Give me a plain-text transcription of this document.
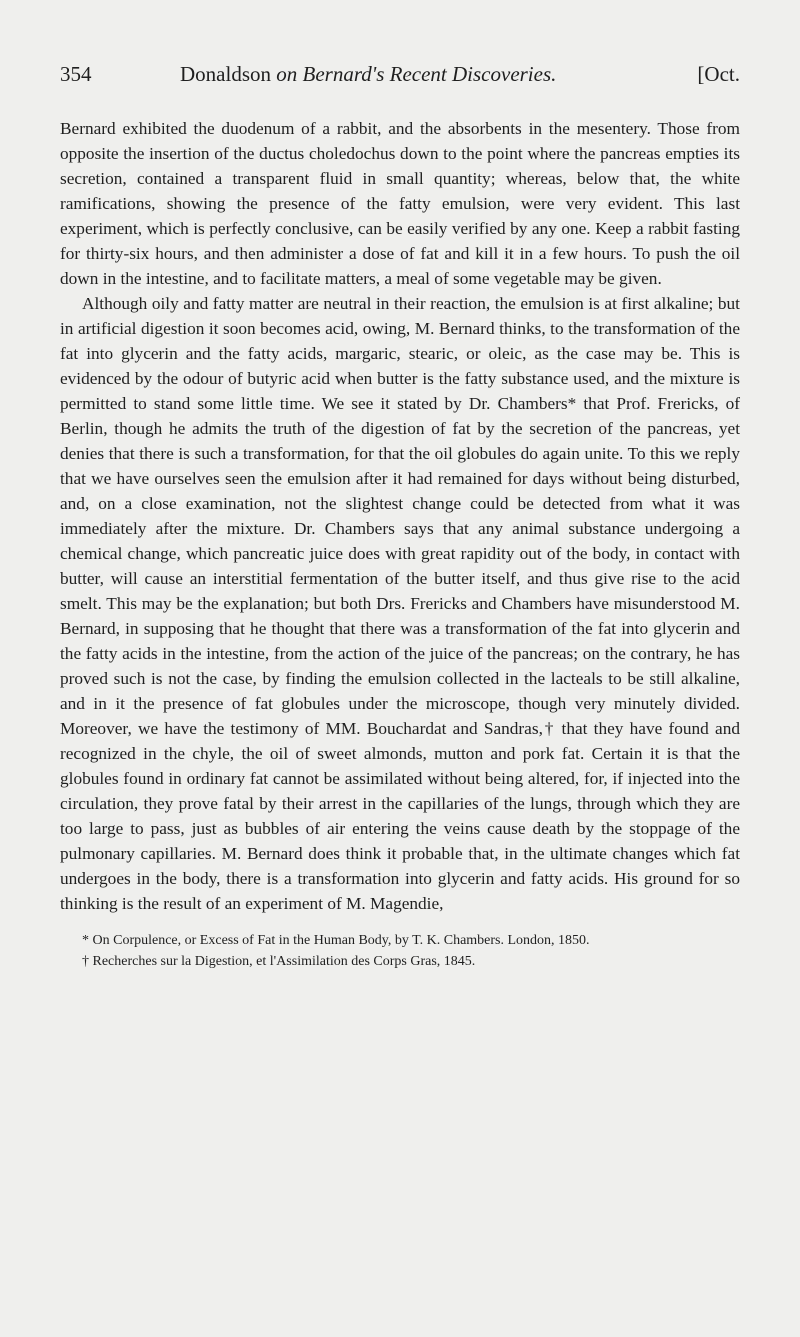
354	Donaldson on Bernard's Recent Discoveries.	[Oct.

Bernard exhibited the duodenum of a rabbit, and the absorbents in the mesentery. Those from opposite the insertion of the ductus choledochus down to the point where the pancreas empties its secretion, contained a transparent fluid in small quantity; whereas, below that, the white ramifications, showing the presence of the fatty emulsion, were very evident. This last experiment, which is perfectly conclusive, can be easily verified by any one. Keep a rabbit fasting for thirty-six hours, and then administer a dose of fat and kill it in a few hours. To push the oil down in the intestine, and to facilitate matters, a meal of some vegetable may be given.

Although oily and fatty matter are neutral in their reaction, the emulsion is at first alkaline; but in artificial digestion it soon becomes acid, owing, M. Bernard thinks, to the transformation of the fat into glycerin and the fatty acids, margaric, stearic, or oleic, as the case may be. This is evidenced by the odour of butyric acid when butter is the fatty substance used, and the mixture is permitted to stand some little time. We see it stated by Dr. Chambers* that Prof. Frericks, of Berlin, though he admits the truth of the digestion of fat by the secretion of the pancreas, yet denies that there is such a transformation, for that the oil globules do again unite. To this we reply that we have ourselves seen the emulsion after it had remained for days without being disturbed, and, on a close examination, not the slightest change could be detected from what it was immediately after the mixture. Dr. Chambers says that any animal substance undergoing a chemical change, which pancreatic juice does with great rapidity out of the body, in contact with butter, will cause an interstitial fermentation of the butter itself, and thus give rise to the acid smelt. This may be the explanation; but both Drs. Frericks and Chambers have misunderstood M. Bernard, in supposing that he thought that there was a transformation of the fat into glycerin and the fatty acids in the intestine, from the action of the juice of the pancreas; on the contrary, he has proved such is not the case, by finding the emulsion collected in the lacteals to be still alkaline, and in it the presence of fat globules under the microscope, though very minutely divided. Moreover, we have the testimony of MM. Bouchardat and Sandras,† that they have found and recognized in the chyle, the oil of sweet almonds, mutton and pork fat. Certain it is that the globules found in ordinary fat cannot be assimilated without being altered, for, if injected into the circulation, they prove fatal by their arrest in the capillaries of the lungs, through which they are too large to pass, just as bubbles of air entering the veins cause death by the stoppage of the pulmonary capillaries. M. Bernard does think it probable that, in the ultimate changes which fat undergoes in the body, there is a transformation into glycerin and fatty acids. His ground for so thinking is the result of an experiment of M. Magendie,

* On Corpulence, or Excess of Fat in the Human Body, by T. K. Chambers. London, 1850.

† Recherches sur la Digestion, et l'Assimilation des Corps Gras, 1845.
